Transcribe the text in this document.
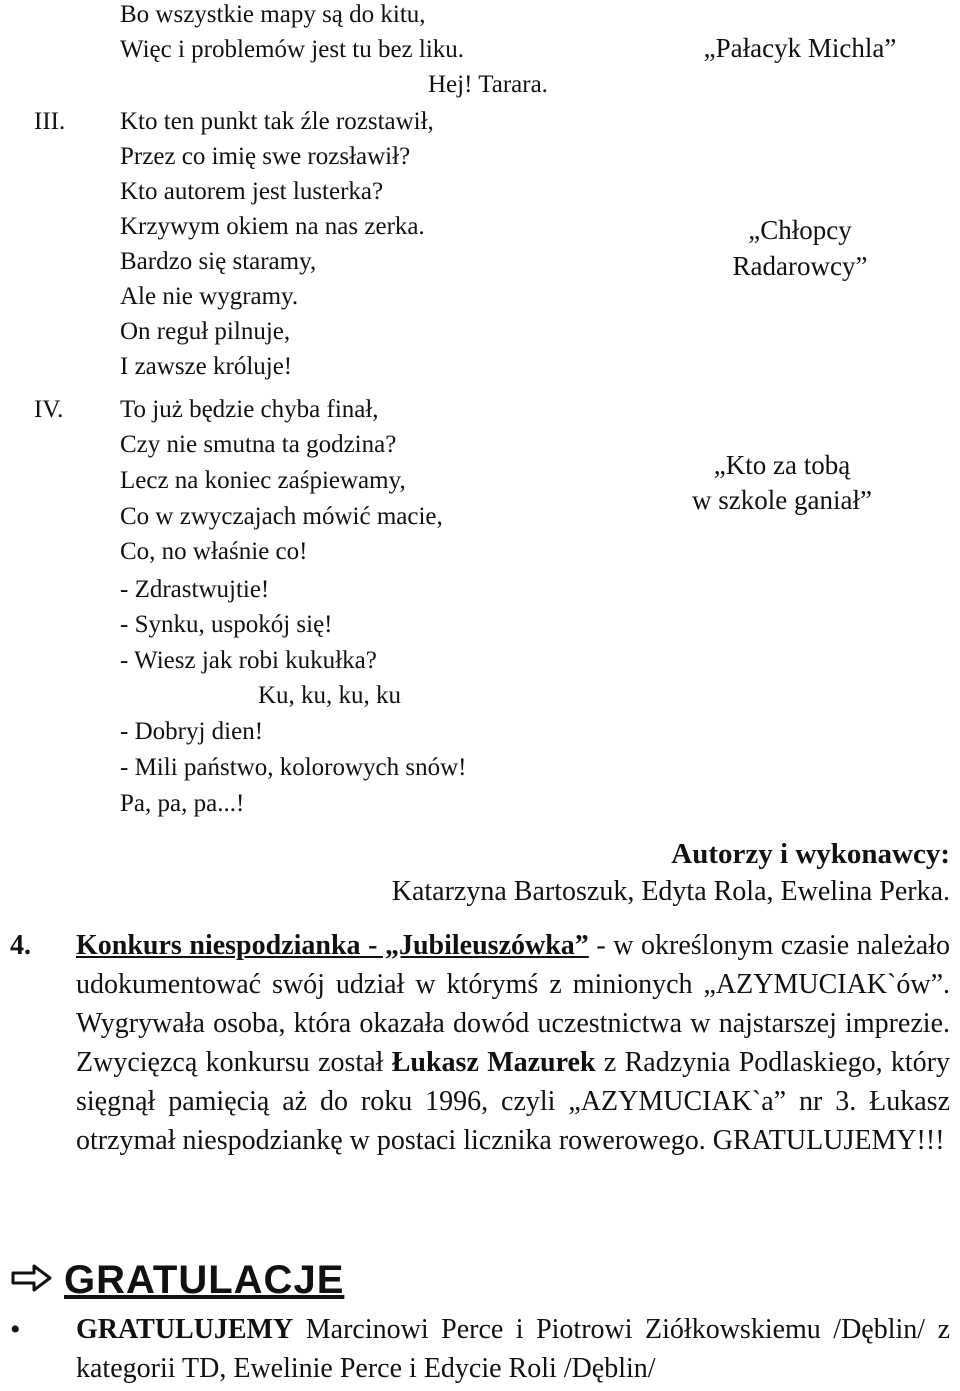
Bo wszystkie mapy są do kitu,
Więc i problemów jest tu bez liku.
Hej! Tarara.
III. Kto ten punkt tak źle rozstawił,
Przez co imię swe rozsławił?
Kto autorem jest lusterka?
Krzywym okiem na nas zerka.
Bardzo się staramy,
Ale nie wygramy.
On reguł pilnuje,
I zawsze króluje!
IV. To już będzie chyba finał,
Czy nie smutna ta godzina?
Lecz na koniec zaśpiewamy,
Co w zwyczajach mówić macie,
Co, no właśnie co!
- Zdrastwujtie!
- Synku, uspokój się!
- Wiesz jak robi kukułka?
Ku, ku, ku, ku
- Dobryj dien!
- Mili państwo, kolorowych snów!
Pa, pa, pa...!
„Pałacyk Michla”
„Chłopcy
Radarowcy”
„Kto za tobą
w szkole ganiał”
Autorzy i wykonawcy:
Katarzyna Bartoszuk, Edyta Rola, Ewelina Perka.
4. Konkurs niespodzianka - „Jubileuszówka” - w określonym czasie należało udokumentować swój udział w którymś z minionych „AZYMUCIAK`ów”. Wygrywała osoba, która okazała dowód uczestnictwa w najstarszej imprezie. Zwycięzcą konkursu został Łukasz Mazurek z Radzynia Podlaskiego, który sięgnął pamięcią aż do roku 1996, czyli „AZYMUCIAK`a” nr 3. Łukasz otrzymał niespodziankę w postaci licznika rowerowego. GRATULUJEMY!!!
GRATULACJE
• GRATULUJEMY Marcinowi Perce i Piotrowi Ziółkowskiemu /Dęblin/ z kategorii TD, Ewelinie Perce i Edycie Roli /Dęblin/
